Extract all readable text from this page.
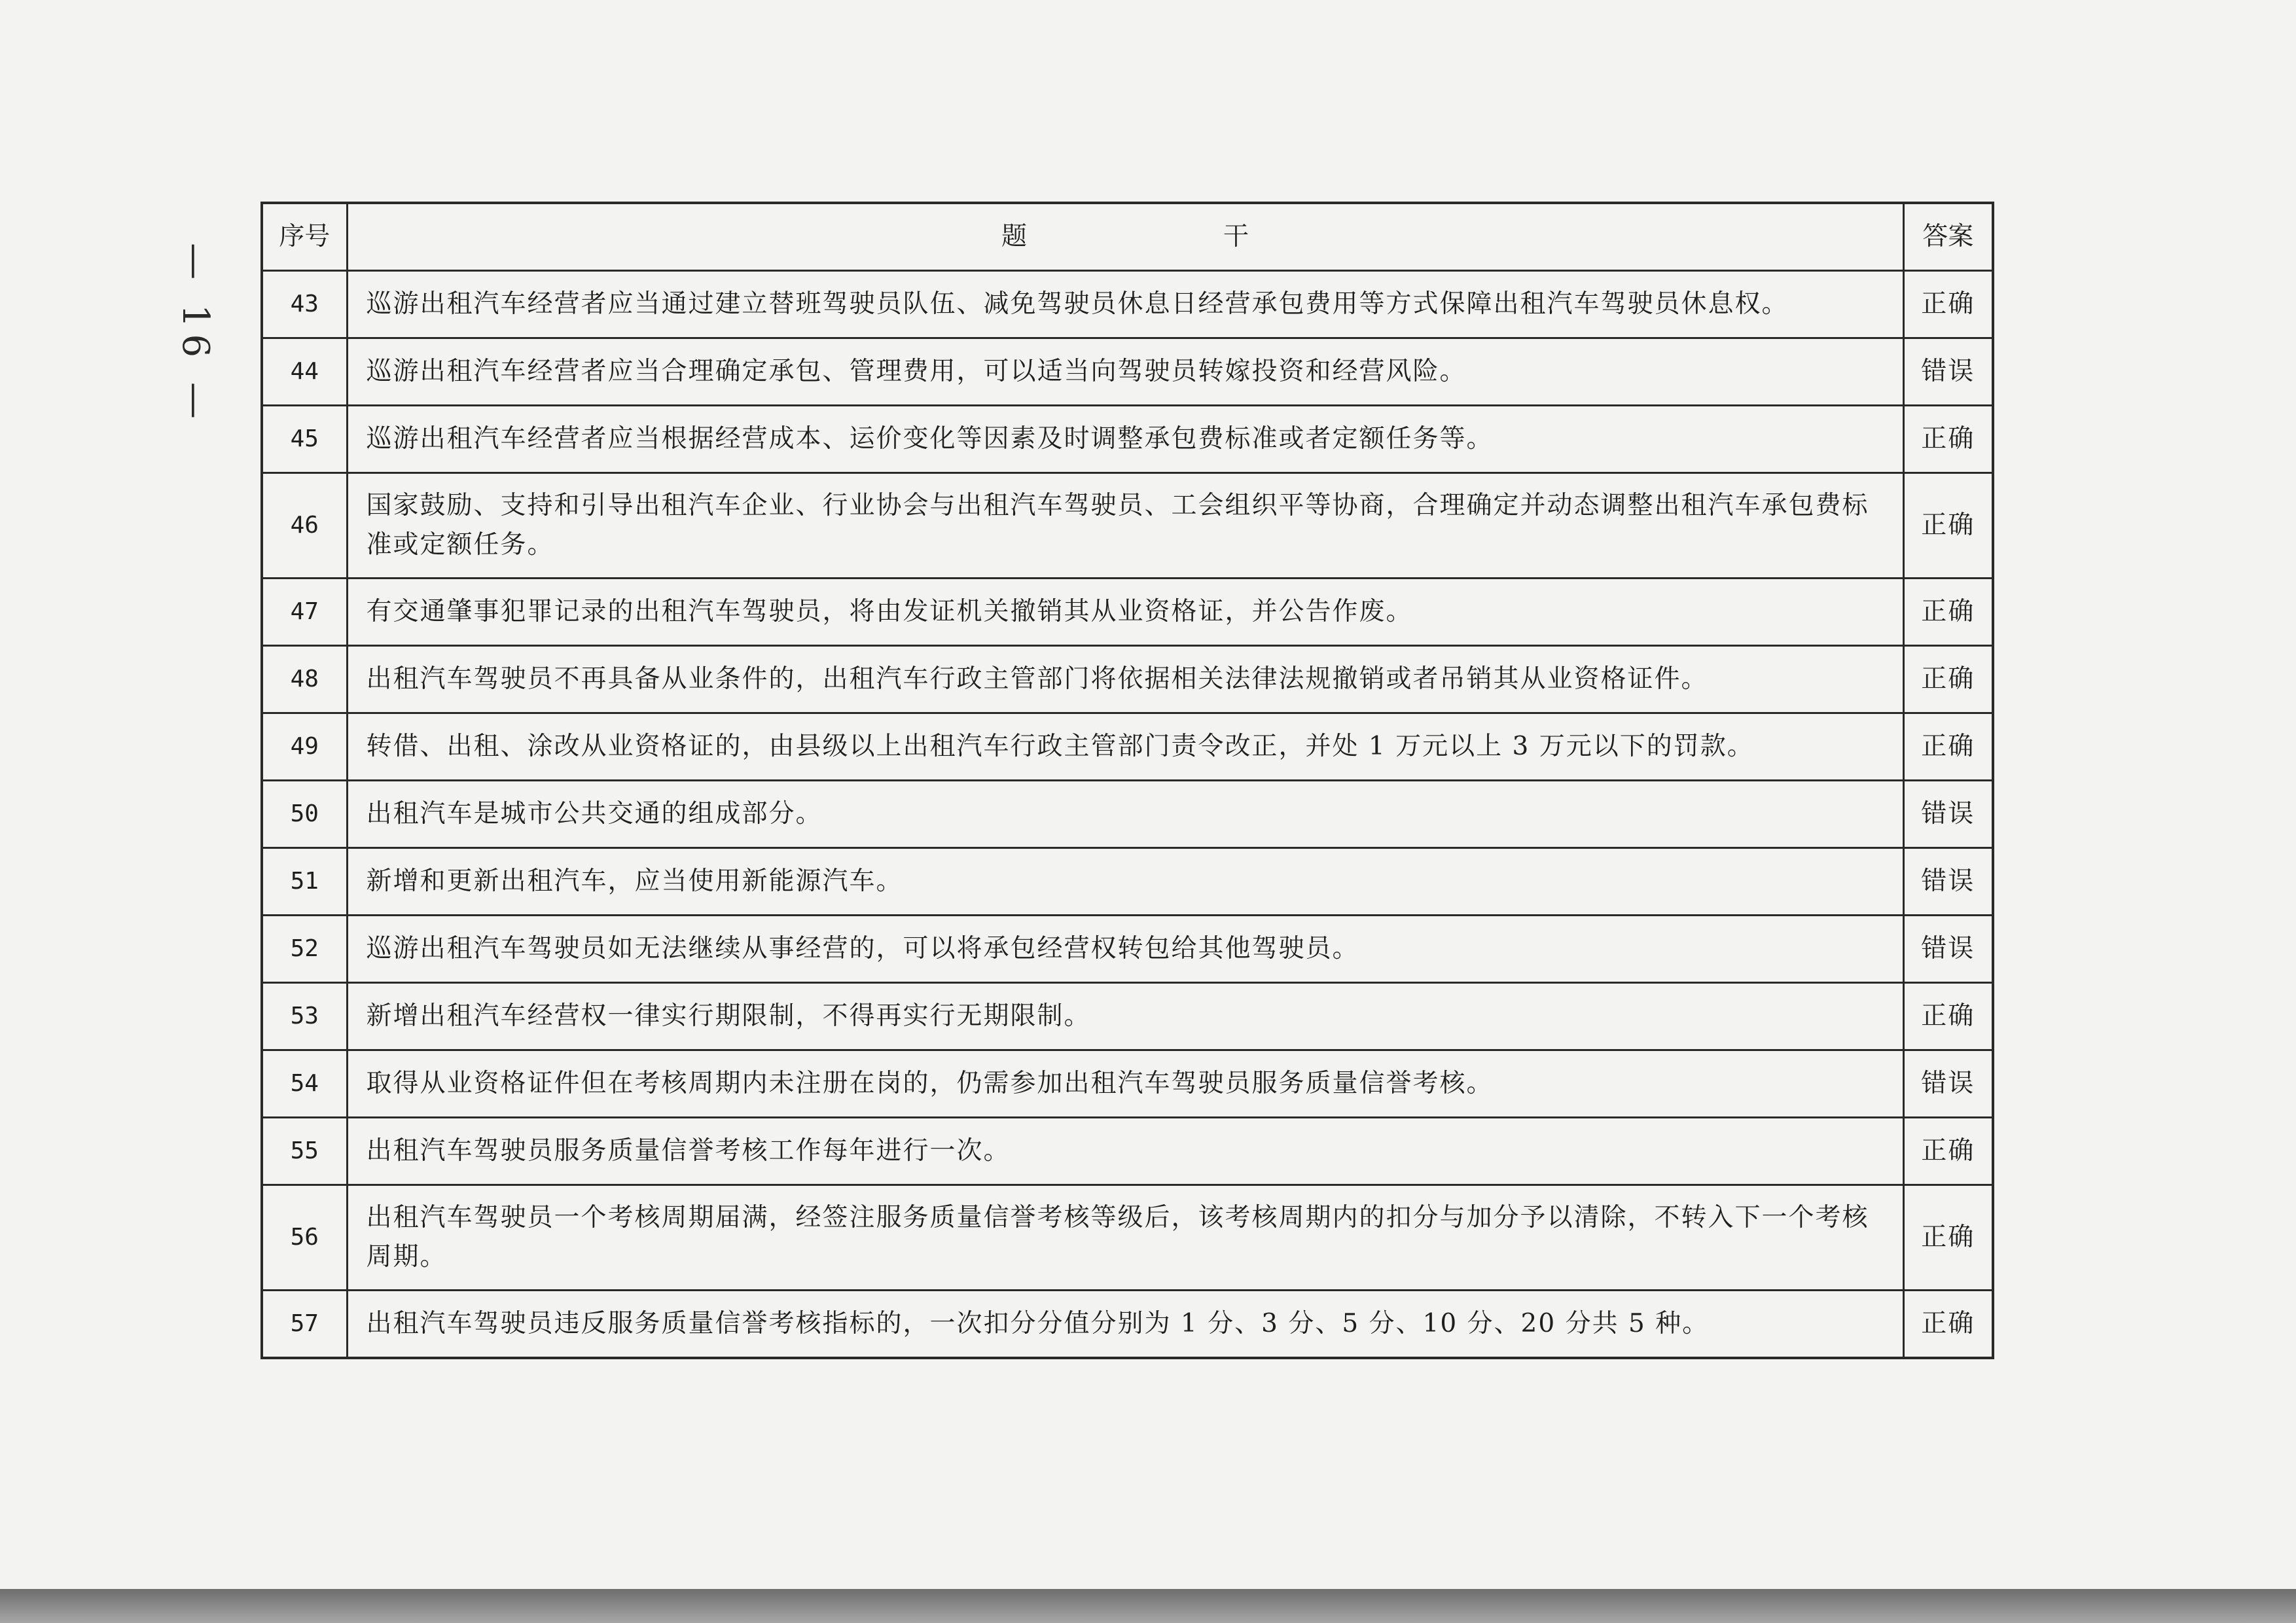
— 16 —
序号	题干	答案
43	巡游出租汽车经营者应当通过建立替班驾驶员队伍、减免驾驶员休息日经营承包费用等方式保障出租汽车驾驶员休息权。	正确
44	巡游出租汽车经营者应当合理确定承包、管理费用，可以适当向驾驶员转嫁投资和经营风险。	错误
45	巡游出租汽车经营者应当根据经营成本、运价变化等因素及时调整承包费标准或者定额任务等。	正确
46	国家鼓励、支持和引导出租汽车企业、行业协会与出租汽车驾驶员、工会组织平等协商，合理确定并动态调整出租汽车承包费标准或定额任务。	正确
47	有交通肇事犯罪记录的出租汽车驾驶员，将由发证机关撤销其从业资格证，并公告作废。	正确
48	出租汽车驾驶员不再具备从业条件的，出租汽车行政主管部门将依据相关法律法规撤销或者吊销其从业资格证件。	正确
49	转借、出租、涂改从业资格证的，由县级以上出租汽车行政主管部门责令改正，并处 1 万元以上 3 万元以下的罚款。	正确
50	出租汽车是城市公共交通的组成部分。	错误
51	新增和更新出租汽车，应当使用新能源汽车。	错误
52	巡游出租汽车驾驶员如无法继续从事经营的，可以将承包经营权转包给其他驾驶员。	错误
53	新增出租汽车经营权一律实行期限制，不得再实行无期限制。	正确
54	取得从业资格证件但在考核周期内未注册在岗的，仍需参加出租汽车驾驶员服务质量信誉考核。	错误
55	出租汽车驾驶员服务质量信誉考核工作每年进行一次。	正确
56	出租汽车驾驶员一个考核周期届满，经签注服务质量信誉考核等级后，该考核周期内的扣分与加分予以清除，不转入下一个考核周期。	正确
57	出租汽车驾驶员违反服务质量信誉考核指标的，一次扣分分值分别为 1 分、3 分、5 分、10 分、20 分共 5 种。	正确
